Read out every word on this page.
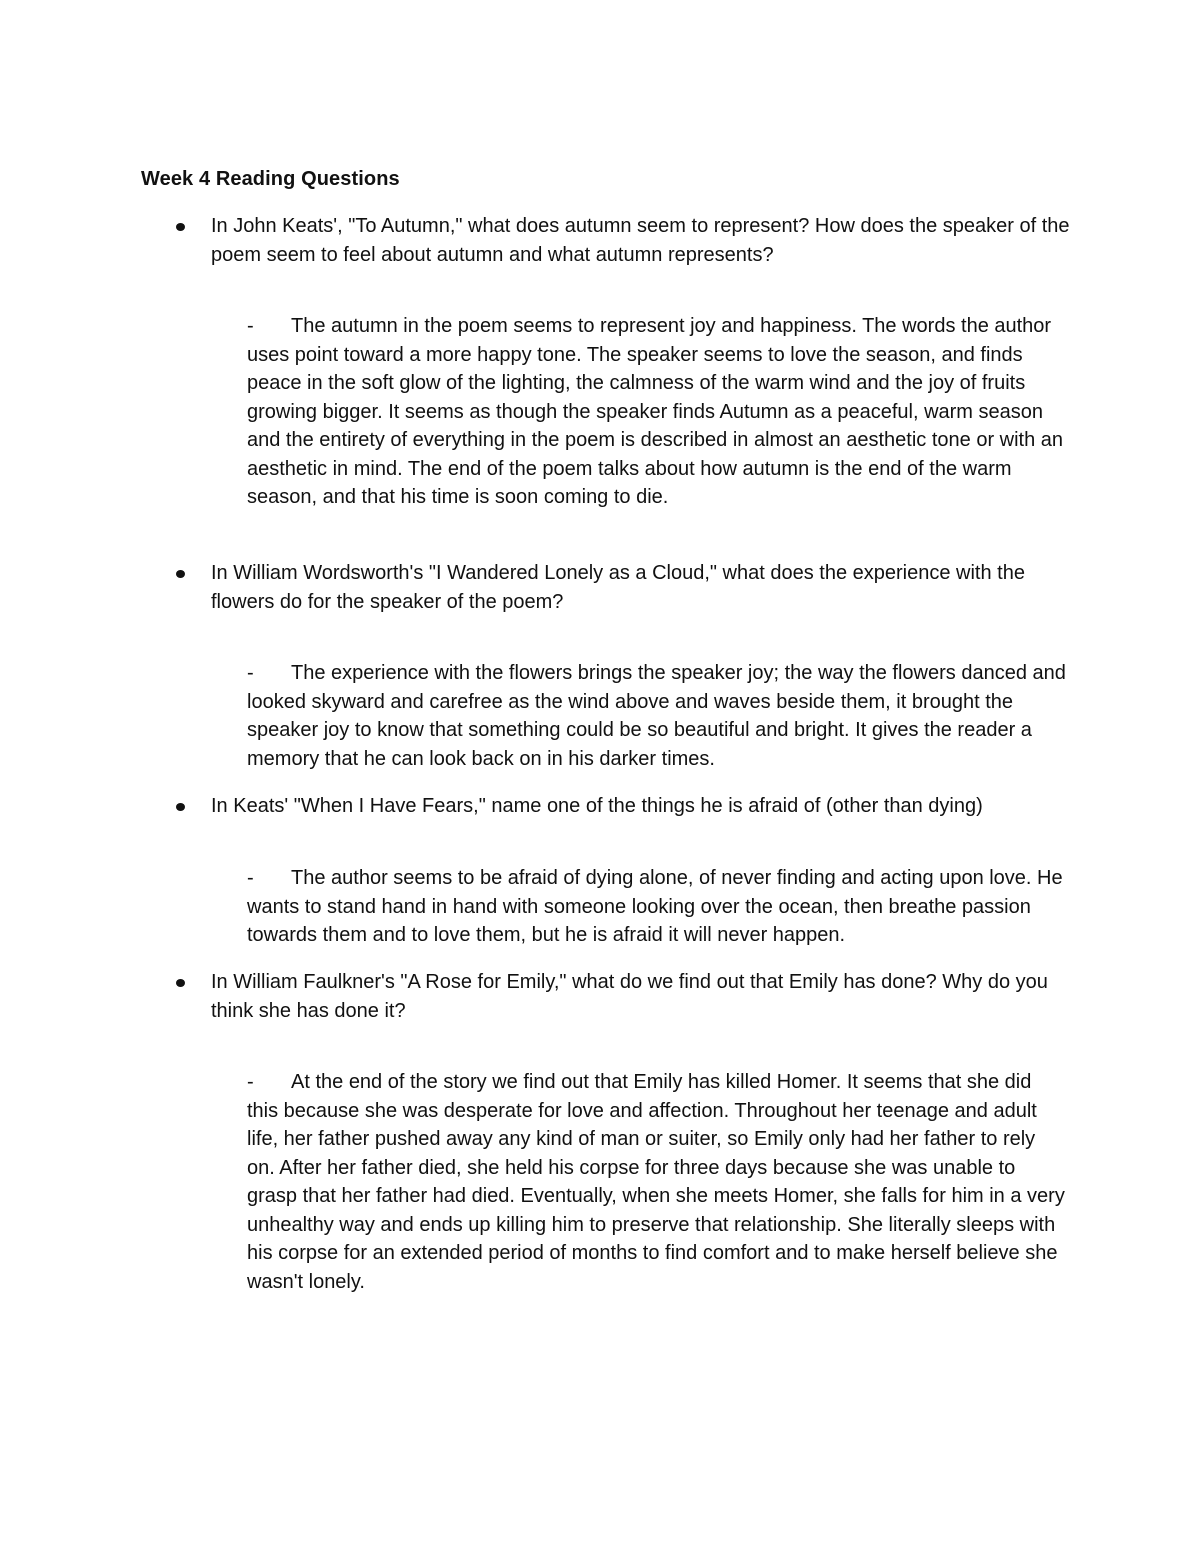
Week 4 Reading Questions
In John Keats', "To Autumn," what does autumn seem to represent? How does the speaker of the poem seem to feel about autumn and what autumn represents?
- The autumn in the poem seems to represent joy and happiness. The words the author uses point toward a more happy tone. The speaker seems to love the season, and finds peace in the soft glow of the lighting, the calmness of the warm wind and the joy of fruits growing bigger. It seems as though the speaker finds Autumn as a peaceful, warm season and the entirety of everything in the poem is described in almost an aesthetic tone or with an aesthetic in mind. The end of the poem talks about how autumn is the end of the warm season, and that his time is soon coming to die.
In William Wordsworth's "I Wandered Lonely as a Cloud," what does the experience with the flowers do for the speaker of the poem?
- The experience with the flowers brings the speaker joy; the way the flowers danced and looked skyward and carefree as the wind above and waves beside them, it brought the speaker joy to know that something could be so beautiful and bright. It gives the reader a memory that he can look back on in his darker times.
In Keats' "When I Have Fears," name one of the things he is afraid of (other than dying)
- The author seems to be afraid of dying alone, of never finding and acting upon love. He wants to stand hand in hand with someone looking over the ocean, then breathe passion towards them and to love them, but he is afraid it will never happen.
In William Faulkner's "A Rose for Emily," what do we find out that Emily has done? Why do you think she has done it?
- At the end of the story we find out that Emily has killed Homer. It seems that she did this because she was desperate for love and affection. Throughout her teenage and adult life, her father pushed away any kind of man or suiter, so Emily only had her father to rely on. After her father died, she held his corpse for three days because she was unable to grasp that her father had died. Eventually, when she meets Homer, she falls for him in a very unhealthy way and ends up killing him to preserve that relationship. She literally sleeps with his corpse for an extended period of months to find comfort and to make herself believe she wasn't lonely.
